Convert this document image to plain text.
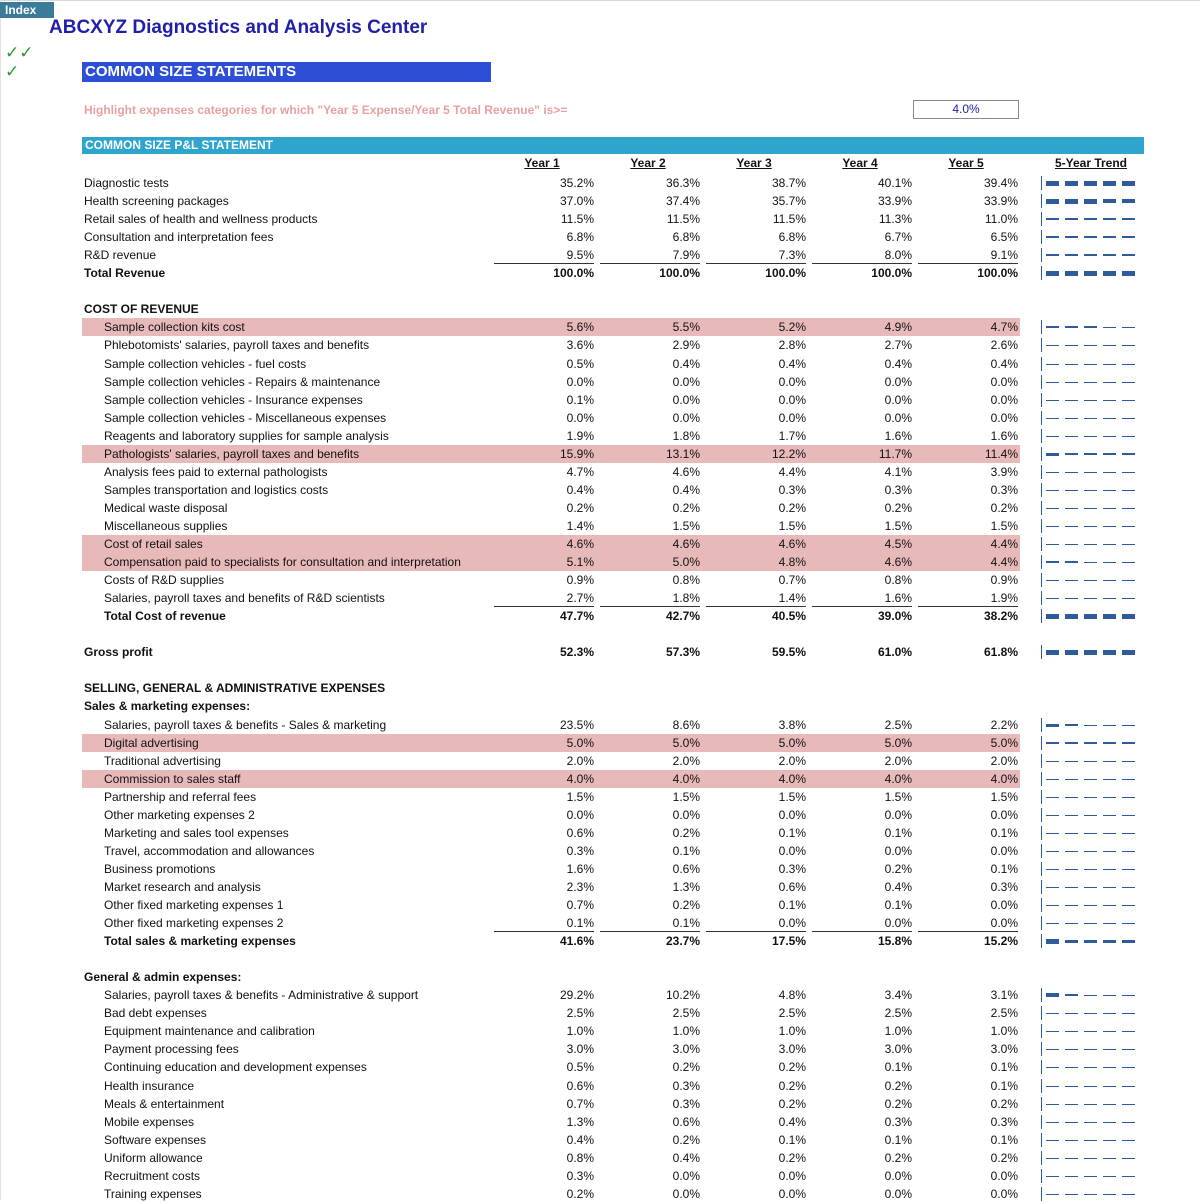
Index
ABCXYZ Diagnostics and Analysis Center
✓✓
✓	COMMON SIZE STATEMENTS
Highlight expenses categories for which "Year 5 Expense/Year 5 Total Revenue" is>=	4.0%
COMMON SIZE P&L STATEMENT
Year 1	Year 2	Year 3	Year 4	Year 5	5-Year Trend
Diagnostic tests	35.2%	36.3%	38.7%	40.1%	39.4%
Health screening packages	37.0%	37.4%	35.7%	33.9%	33.9%
Retail sales of health and wellness products	11.5%	11.5%	11.5%	11.3%	11.0%
Consultation and interpretation fees	6.8%	6.8%	6.8%	6.7%	6.5%
R&D revenue	9.5%	7.9%	7.3%	8.0%	9.1%
Total Revenue	100.0%	100.0%	100.0%	100.0%	100.0%
COST OF REVENUE
Sample collection kits cost	5.6%	5.5%	5.2%	4.9%	4.7%
Phlebotomists' salaries, payroll taxes and benefits	3.6%	2.9%	2.8%	2.7%	2.6%
Sample collection vehicles - fuel costs	0.5%	0.4%	0.4%	0.4%	0.4%
Sample collection vehicles - Repairs & maintenance	0.0%	0.0%	0.0%	0.0%	0.0%
Sample collection vehicles - Insurance expenses	0.1%	0.0%	0.0%	0.0%	0.0%
Sample collection vehicles - Miscellaneous expenses	0.0%	0.0%	0.0%	0.0%	0.0%
Reagents and laboratory supplies for sample analysis	1.9%	1.8%	1.7%	1.6%	1.6%
Pathologists' salaries, payroll taxes and benefits	15.9%	13.1%	12.2%	11.7%	11.4%
Analysis fees paid to external pathologists	4.7%	4.6%	4.4%	4.1%	3.9%
Samples transportation and logistics costs	0.4%	0.4%	0.3%	0.3%	0.3%
Medical waste disposal	0.2%	0.2%	0.2%	0.2%	0.2%
Miscellaneous supplies	1.4%	1.5%	1.5%	1.5%	1.5%
Cost of retail sales	4.6%	4.6%	4.6%	4.5%	4.4%
Compensation paid to specialists for consultation and interpretation	5.1%	5.0%	4.8%	4.6%	4.4%
Costs of R&D supplies	0.9%	0.8%	0.7%	0.8%	0.9%
Salaries, payroll taxes and benefits of R&D scientists	2.7%	1.8%	1.4%	1.6%	1.9%
Total Cost of revenue	47.7%	42.7%	40.5%	39.0%	38.2%
Gross profit	52.3%	57.3%	59.5%	61.0%	61.8%
SELLING, GENERAL & ADMINISTRATIVE EXPENSES
Sales & marketing expenses:
Salaries, payroll taxes & benefits - Sales & marketing	23.5%	8.6%	3.8%	2.5%	2.2%
Digital advertising	5.0%	5.0%	5.0%	5.0%	5.0%
Traditional advertising	2.0%	2.0%	2.0%	2.0%	2.0%
Commission to sales staff	4.0%	4.0%	4.0%	4.0%	4.0%
Partnership and referral fees	1.5%	1.5%	1.5%	1.5%	1.5%
Other marketing expenses 2	0.0%	0.0%	0.0%	0.0%	0.0%
Marketing and sales tool expenses	0.6%	0.2%	0.1%	0.1%	0.1%
Travel, accommodation and allowances	0.3%	0.1%	0.0%	0.0%	0.0%
Business promotions	1.6%	0.6%	0.3%	0.2%	0.1%
Market research and analysis	2.3%	1.3%	0.6%	0.4%	0.3%
Other fixed marketing expenses 1	0.7%	0.2%	0.1%	0.1%	0.0%
Other fixed marketing expenses 2	0.1%	0.1%	0.0%	0.0%	0.0%
Total sales & marketing expenses	41.6%	23.7%	17.5%	15.8%	15.2%
General & admin expenses:
Salaries, payroll taxes & benefits - Administrative & support	29.2%	10.2%	4.8%	3.4%	3.1%
Bad debt expenses	2.5%	2.5%	2.5%	2.5%	2.5%
Equipment maintenance and calibration	1.0%	1.0%	1.0%	1.0%	1.0%
Payment processing fees	3.0%	3.0%	3.0%	3.0%	3.0%
Continuing education and development expenses	0.5%	0.2%	0.2%	0.1%	0.1%
Health insurance	0.6%	0.3%	0.2%	0.2%	0.1%
Meals & entertainment	0.7%	0.3%	0.2%	0.2%	0.2%
Mobile expenses	1.3%	0.6%	0.4%	0.3%	0.3%
Software expenses	0.4%	0.2%	0.1%	0.1%	0.1%
Uniform allowance	0.8%	0.4%	0.2%	0.2%	0.2%
Recruitment costs	0.3%	0.0%	0.0%	0.0%	0.0%
Training expenses	0.2%	0.0%	0.0%	0.0%	0.0%
